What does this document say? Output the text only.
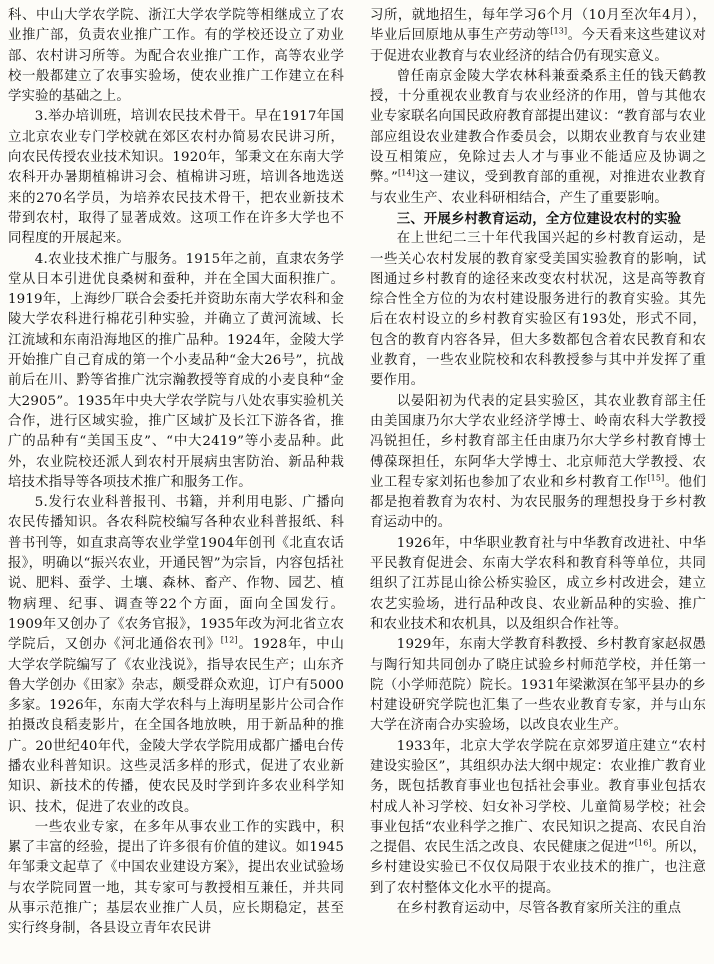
科、中山大学农学院、浙江大学农学院等相继成立了农业推广部，负责农业推广工作。有的学校还设立了劝业部、农村讲习所等。为配合农业推广工作，高等农业学校一般都建立了农事实验场，使农业推广工作建立在科学实验的基础之上。

3.举办培训班，培训农民技术骨干。早在1917年国立北京农业专门学校就在郊区农村办简易农民讲习所，向农民传授农业技术知识。1920年，邹秉文在东南大学农科开办暑期植棉讲习会、植棉讲习班，培训各地选送来的270名学员，为培养农民技术骨干，把农业新技术带到农村，取得了显著成效。这项工作在许多大学也不同程度的开展起来。

4.农业技术推广与服务。1915年之前，直隶农务学堂从日本引进优良桑树和蚕种，并在全国大面积推广。1919年，上海纱厂联合会委托并资助东南大学农科和金陵大学农科进行棉花引种实验，并确立了黄河流域、长江流域和东南沿海地区的推广品种。1924年，金陵大学开始推广自己育成的第一个小麦品种“金大26号”，抗战前后在川、黔等省推广沈宗瀚教授等育成的小麦良种“金大2905”。1935年中央大学农学院与八处农事实验机关合作，进行区域实验，推广区域扩及长江下游各省，推广的品种有“美国玉皮”、“中大2419”等小麦品种。此外，农业院校还派人到农村开展病虫害防治、新品种栽培技术指导等各项技术推广和服务工作。

5.发行农业科普报刊、书籍，并利用电影、广播向农民传播知识。各农科院校编写各种农业科普报纸、科普书刊等，如直隶高等农业学堂1904年创刊《北直农话报》，明确以“振兴农业，开通民智”为宗旨，内容包括社说、肥料、蚕学、土壤、森林、畜产、作物、园艺、植物病理、纪事、调查等22个方面，面向全国发行。1909年又创办了《农务官报》，1935年改为河北省立农学院后，又创办《河北通俗农刊》[12]。1928年，中山大学农学院编写了《农业浅说》，指导农民生产；山东齐鲁大学创办《田家》杂志，颇受群众欢迎，订户有5000多家。1926年，东南大学农科与上海明星影片公司合作拍摄改良稻麦影片，在全国各地放映，用于新品种的推广。20世纪40年代，金陵大学农学院用成都广播电台传播农业科普知识。这些灵活多样的形式，促进了农业新知识、新技术的传播，使农民及时学到许多农业科学知识、技术，促进了农业的改良。

一些农业专家，在多年从事农业工作的实践中，积累了丰富的经验，提出了许多很有价值的建议。如1945年邹秉文起草了《中国农业建设方案》，提出农业试验场与农学院同置一地，其专家可与教授相互兼任，并共同从事示范推广；基层农业推广人员，应长期稳定，甚至实行终身制，各县设立青年农民讲

习所，就地招生，每年学习6个月（10月至次年4月），毕业后回原地从事生产劳动等[13]。今天看来这些建议对于促进农业教育与农业经济的结合仍有现实意义。

曾任南京金陵大学农林科兼蚕桑系主任的钱天鹤教授，十分重视农业教育与农业经济的作用，曾与其他农业专家联名向国民政府教育部提出建议：“教育部与农业部应组设农业建教合作委员会，以期农业教育与农业建设互相策应，免除过去人才与事业不能适应及协调之弊。”[14]这一建议，受到教育部的重视，对推进农业教育与农业生产、农业科研相结合，产生了重要影响。

三、开展乡村教育运动，全方位建设农村的实验

在上世纪二三十年代我国兴起的乡村教育运动，是一些关心农村发展的教育家受美国实验教育的影响，试图通过乡村教育的途径来改变农村状况，这是高等教育综合性全方位的为农村建设服务进行的教育实验。其先后在农村设立的乡村教育实验区有193处，形式不同，包含的教育内容各异，但大多数都包含着农民教育和农业教育，一些农业院校和农科教授参与其中并发挥了重要作用。

以晏阳初为代表的定县实验区，其农业教育部主任由美国康乃尔大学农业经济学博士、岭南农科大学教授冯锐担任，乡村教育部主任由康乃尔大学乡村教育博士傅葆琛担任，东阿华大学博士、北京师范大学教授、农业工程专家刘拓也参加了农业和乡村教育工作[15]。他们都是抱着教育为农村、为农民服务的理想投身于乡村教育运动中的。

1926年，中华职业教育社与中华教育改进社、中华平民教育促进会、东南大学农科和教育科等单位，共同组织了江苏昆山徐公桥实验区，成立乡村改进会，建立农艺实验场，进行品种改良、农业新品种的实验、推广和农业技术和农机具，以及组织合作社等。

1929年，东南大学教育科教授、乡村教育家赵叔愚与陶行知共同创办了晓庄试验乡村师范学校，并任第一院（小学师范院）院长。1931年梁漱溟在邹平县办的乡村建设研究学院也汇集了一些农业教育专家，并与山东大学在济南合办实验场，以改良农业生产。

1933年，北京大学农学院在京郊罗道庄建立“农村建设实验区”，其组织办法大纲中规定：农业推广教育业务，既包括教育事业也包括社会事业。教育事业包括农村成人补习学校、妇女补习学校、儿童简易学校；社会事业包括“农业科学之推广、农民知识之提高、农民自治之提倡、农民生活之改良、农民健康之促进”[16]。所以，乡村建设实验已不仅仅局限于农业技术的推广，也注意到了农村整体文化水平的提高。

在乡村教育运动中，尽管各教育家所关注的重点
